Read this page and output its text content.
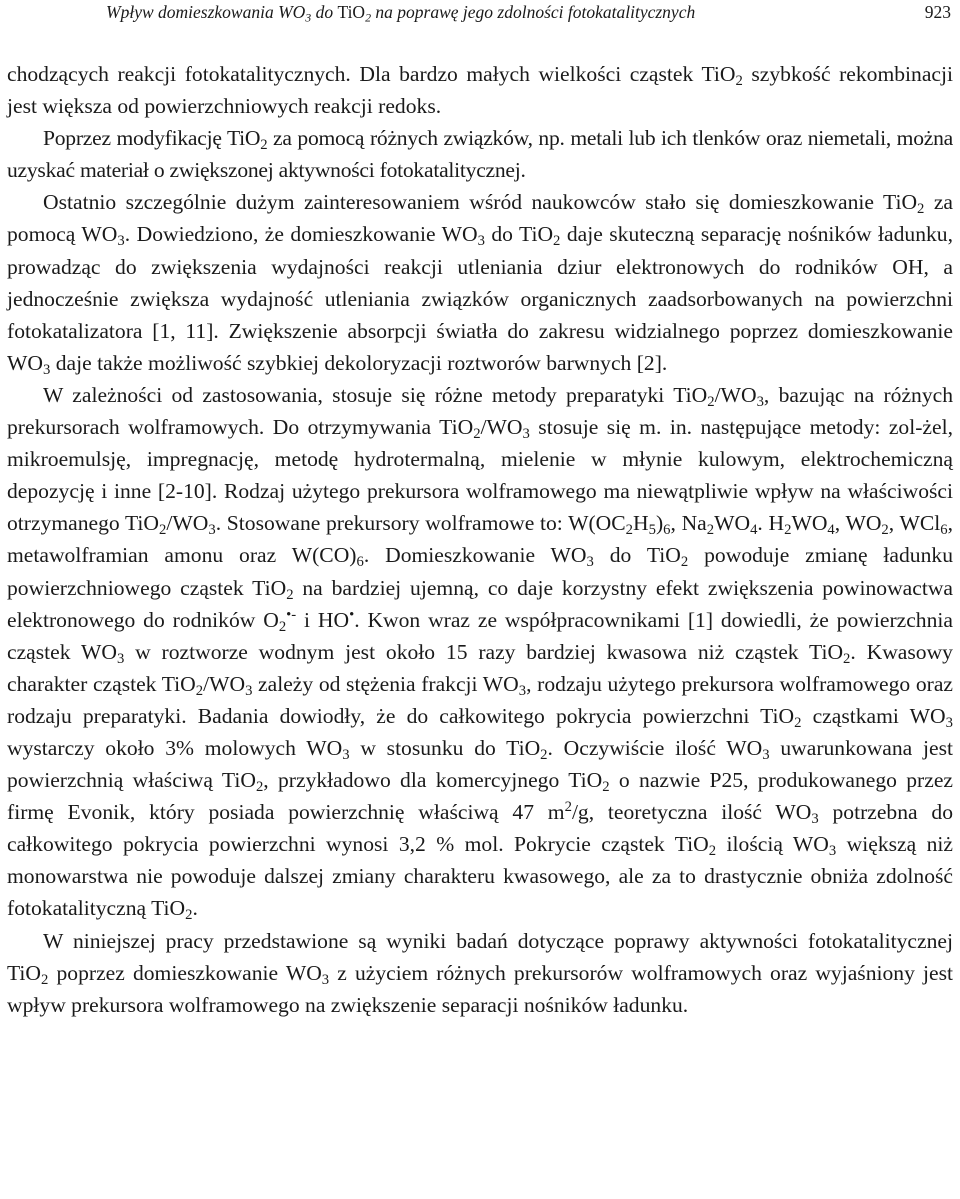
Wpływ domieszkowania $WO_3$ do TiO$_2$ na poprawę jego zdolności fotokatalitycznych	923

chodzących reakcji fotokatalitycznych. Dla bardzo małych wielkości cząstek TiO$_2$ szybkość rekombinacji jest większa od powierzchniowych reakcji redoks.

Poprzez modyfikację TiO$_2$ za pomocą różnych związków, np. metali lub ich tlenków oraz niemetali, można uzyskać materiał o zwiększonej aktywności fotokatalitycznej.

Ostatnio szczególnie dużym zainteresowaniem wśród naukowców stało się domieszkowanie TiO$_2$ za pomocą $WO_3$. Dowiedziono, że domieszkowanie $WO_3$ do TiO$_2$ daje skuteczną separację nośników ładunku, prowadząc do zwiększenia wydajności reakcji utleniania dziur elektronowych do rodników OH, a jednocześnie zwiększa wydajność utleniania związków organicznych zaadsorbowanych na powierzchni fotokatalizatora [1, 11]. Zwiększenie absorpcji światła do zakresu widzialnego poprzez domieszkowanie $WO_3$ daje także możliwość szybkiej dekoloryzacji roztworów barwnych [2].

W zależności od zastosowania, stosuje się różne metody preparatyki $TiO_2/WO_3$, bazując na różnych prekursorach wolframowych. Do otrzymywania $TiO_2/WO_3$ stosuje się m. in. następujące metody: zol-żel, mikroemulsję, impregnację, metodę hydrotermalną, mielenie w młynie kulowym, elektrochemiczną depozycję i inne [2-10]. Rodzaj użytego prekursora wolframowego ma niewątpliwie wpływ na właściwości otrzymanego $TiO_2/WO_3$. Stosowane prekursory wolframowe to: $W(OC_2H_5)_6$, $Na_2WO_4$. $H_2WO_4$, $WO_2$, WCl$_6$, metawolframian amonu oraz $W(CO)_6$. Domieszkowanie $WO_3$ do TiO$_2$ powoduje zmianę ładunku powierzchniowego cząstek TiO$_2$ na bardziej ujemną, co daje korzystny efekt zwiększenia powinowactwa elektronowego do rodników $O_2^{•-}$ i HO•. Kwon wraz ze współpracownikami [1] dowiedli, że powierzchnia cząstek $WO_3$ w roztworze wodnym jest około 15 razy bardziej kwasowa niż cząstek TiO$_2$. Kwasowy charakter cząstek $TiO_2/WO_3$ zależy od stężenia frakcji $WO_3$, rodzaju użytego prekursora wolframowego oraz rodzaju preparatyki. Badania dowiodły, że do całkowitego pokrycia powierzchni TiO$_2$ cząstkami $WO_3$ wystarczy około 3% molowych $WO_3$ w stosunku do TiO$_2$. Oczywiście ilość $WO_3$ uwarunkowana jest powierzchnią właściwą TiO$_2$, przykładowo dla komercyjnego TiO$_2$ o nazwie P25, produkowanego przez firmę Evonik, który posiada powierzchnię właściwą 47 $m^2/g$, teoretyczna ilość $WO_3$ potrzebna do całkowitego pokrycia powierzchni wynosi 3,2 % mol. Pokrycie cząstek TiO$_2$ ilością $WO_3$ większą niż monowarstwa nie powoduje dalszej zmiany charakteru kwasowego, ale za to drastycznie obniża zdolność fotokatalityczną TiO$_2$.

W niniejszej pracy przedstawione są wyniki badań dotyczące poprawy aktywności fotokatalitycznej TiO$_2$ poprzez domieszkowanie $WO_3$ z użyciem różnych prekursorów wolframowych oraz wyjaśniony jest wpływ prekursora wolframowego na zwiększenie separacji nośników ładunku.
